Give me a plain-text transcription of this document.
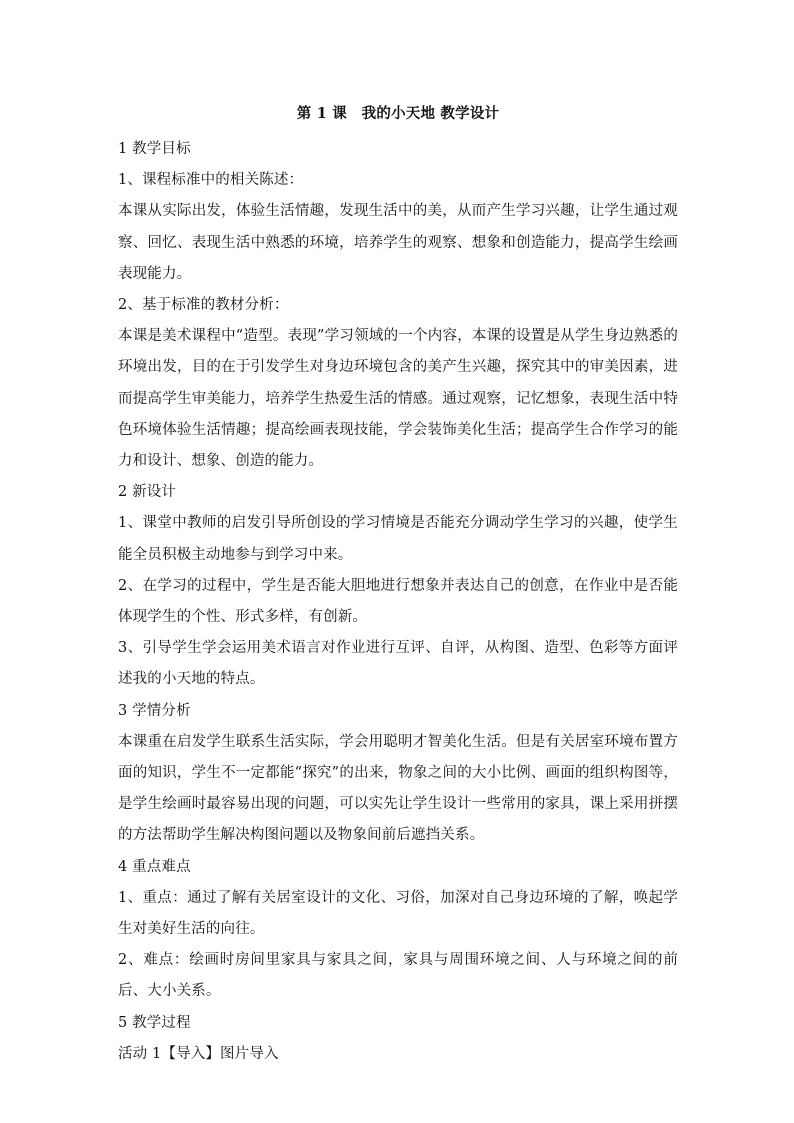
第 1 课　我的小天地 教学设计

1 教学目标

1、课程标准中的相关陈述：

本课从实际出发，体验生活情趣，发现生活中的美，从而产生学习兴趣，让学生通过观察、回忆、表现生活中熟悉的环境，培养学生的观察、想象和创造能力，提高学生绘画表现能力。

2、基于标准的教材分析：

本课是美术课程中“造型。表现”学习领域的一个内容，本课的设置是从学生身边熟悉的环境出发，目的在于引发学生对身边环境包含的美产生兴趣，探究其中的审美因素，进而提高学生审美能力，培养学生热爱生活的情感。通过观察，记忆想象，表现生活中特色环境体验生活情趣；提高绘画表现技能，学会装饰美化生活；提高学生合作学习的能力和设计、想象、创造的能力。

2 新设计

1、课堂中教师的启发引导所创设的学习情境是否能充分调动学生学习的兴趣，使学生能全员积极主动地参与到学习中来。

2、在学习的过程中，学生是否能大胆地进行想象并表达自己的创意，在作业中是否能体现学生的个性、形式多样，有创新。

3、引导学生学会运用美术语言对作业进行互评、自评，从构图、造型、色彩等方面评述我的小天地的特点。

3 学情分析

本课重在启发学生联系生活实际，学会用聪明才智美化生活。但是有关居室环境布置方面的知识，学生不一定都能“探究”的出来，物象之间的大小比例、画面的组织构图等，是学生绘画时最容易出现的问题，可以实先让学生设计一些常用的家具，课上采用拼摆的方法帮助学生解决构图问题以及物象间前后遮挡关系。

4 重点难点

1、重点：通过了解有关居室设计的文化、习俗，加深对自己身边环境的了解，唤起学生对美好生活的向往。

2、难点：绘画时房间里家具与家具之间，家具与周围环境之间、人与环境之间的前后、大小关系。

5 教学过程

活动 1【导入】图片导入
